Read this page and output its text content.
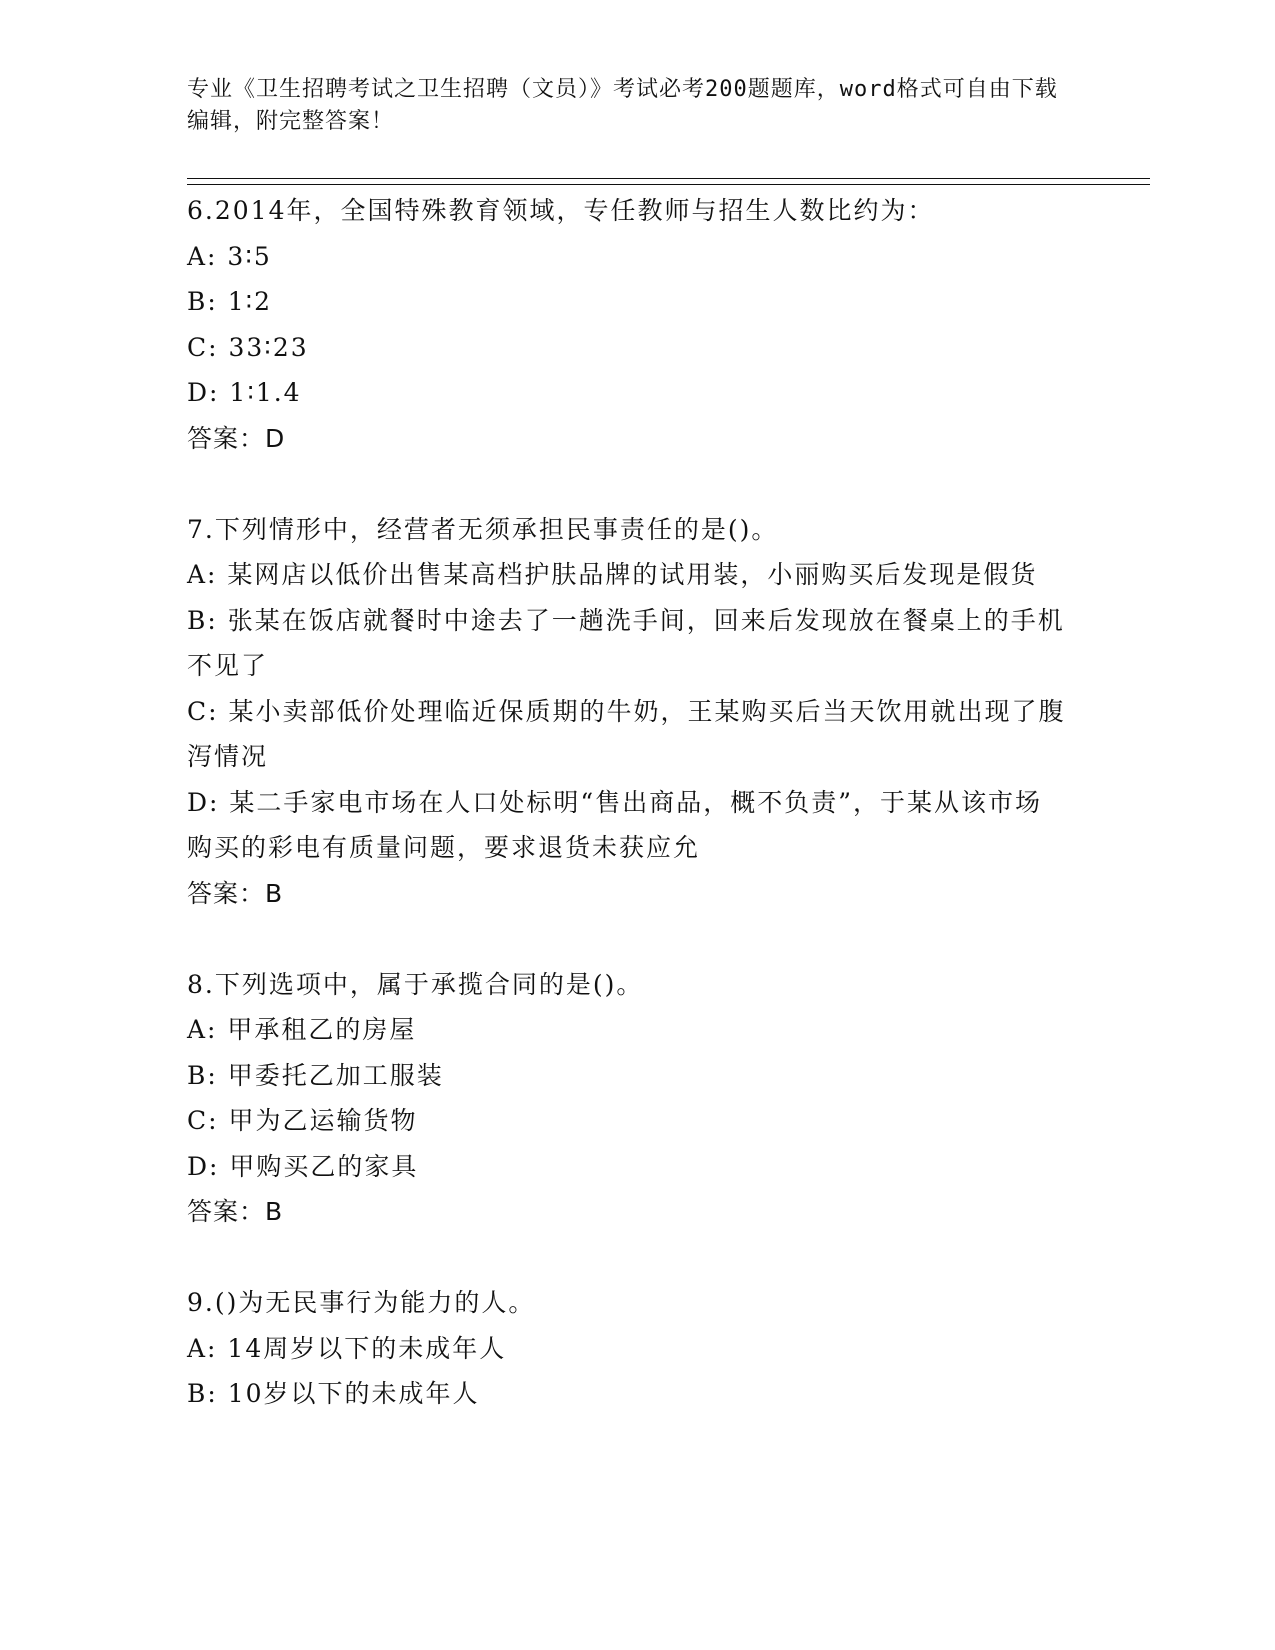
专业《卫生招聘考试之卫生招聘（文员）》考试必考200题题库，word格式可自由下载编辑，附完整答案！
6.2014年，全国特殊教育领域，专任教师与招生人数比约为：
A: 3∶5
B: 1∶2
C: 33∶23
D: 1∶1.4
答案：D
7.下列情形中，经营者无须承担民事责任的是()。
A: 某网店以低价出售某高档护肤品牌的试用装，小丽购买后发现是假货
B: 张某在饭店就餐时中途去了一趟洗手间，回来后发现放在餐桌上的手机不见了
C: 某小卖部低价处理临近保质期的牛奶，王某购买后当天饮用就出现了腹泻情况
D: 某二手家电市场在人口处标明“售出商品，概不负责”，于某从该市场购买的彩电有质量问题，要求退货未获应允
答案：B
8.下列选项中，属于承揽合同的是()。
A: 甲承租乙的房屋
B: 甲委托乙加工服装
C: 甲为乙运输货物
D: 甲购买乙的家具
答案：B
9.()为无民事行为能力的人。
A: 14周岁以下的未成年人
B: 10岁以下的未成年人
